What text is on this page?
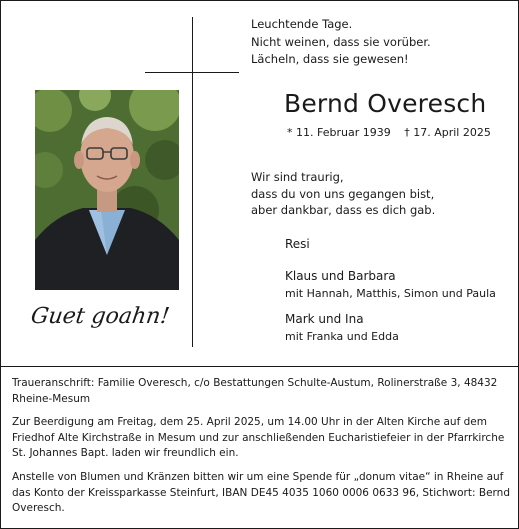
Leuchtende Tage.
Nicht weinen, dass sie vorüber.
Lächeln, dass sie gewesen!
Bernd Overesch
* 11. Februar 1939 † 17. April 2025
Wir sind traurig,
dass du von uns gegangen bist,
aber dankbar, dass es dich gab.
Resi
Klaus und Barbara
mit Hannah, Matthis, Simon und Paula
Mark und Ina
mit Franka und Edda
Guet goahn!

Traueranschrift: Familie Overesch, c/o Bestattungen Schulte-Austum, Rolinerstraße 3, 48432 Rheine-Mesum

Zur Beerdigung am Freitag, dem 25. April 2025, um 14.00 Uhr in der Alten Kirche auf dem Friedhof Alte Kirchstraße in Mesum und zur anschließenden Eucharistiefeier in der Pfarrkirche St. Johannes Bapt. laden wir freundlich ein.

Anstelle von Blumen und Kränzen bitten wir um eine Spende für „donum vitae“ in Rheine auf das Konto der Kreissparkasse Steinfurt, IBAN DE45 4035 1060 0006 0633 96, Stichwort: Bernd Overesch.
